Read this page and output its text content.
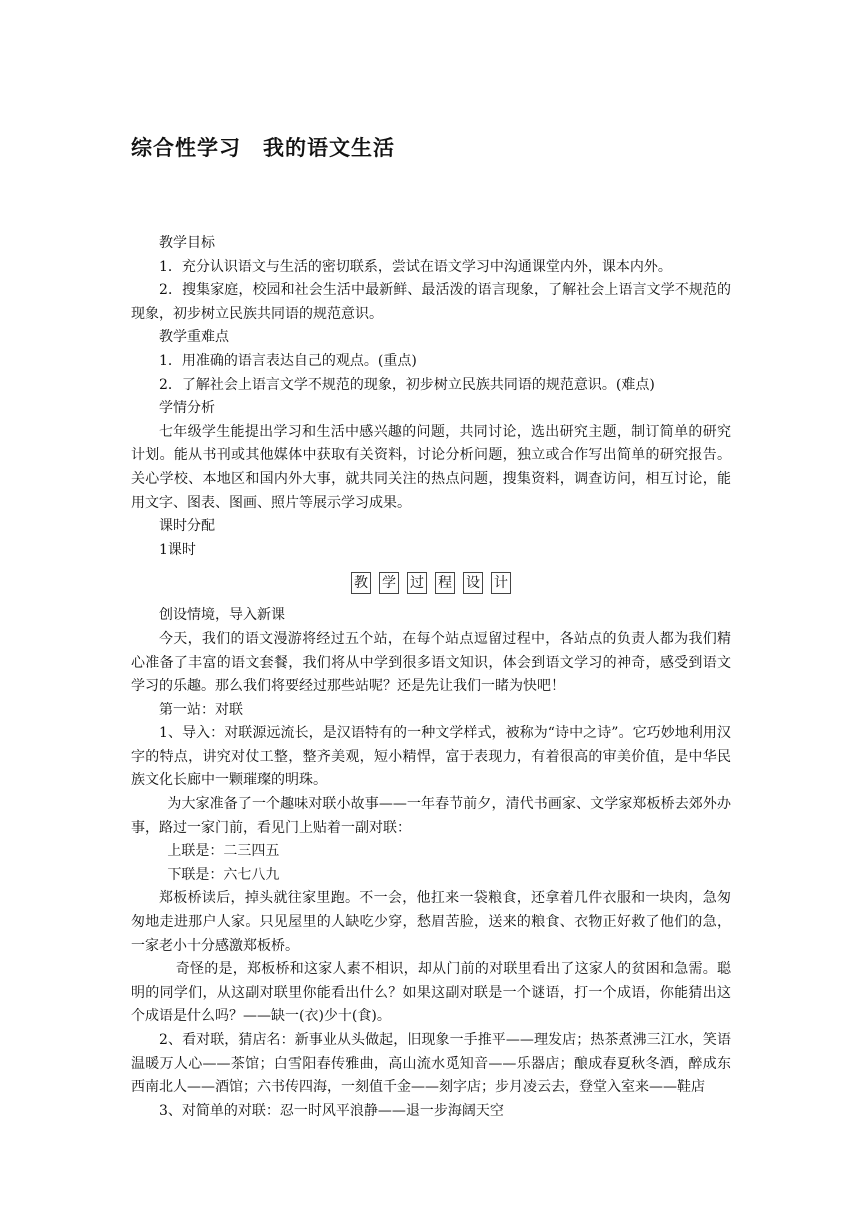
综合性学习　我的语文生活

教学目标

1．充分认识语文与生活的密切联系，尝试在语文学习中沟通课堂内外，课本内外。

2．搜集家庭，校园和社会生活中最新鲜、最活泼的语言现象，了解社会上语言文学不规范的现象，初步树立民族共同语的规范意识。

教学重难点

1．用准确的语言表达自己的观点。(重点)

2．了解社会上语言文学不规范的现象，初步树立民族共同语的规范意识。(难点)

学情分析

七年级学生能提出学习和生活中感兴趣的问题，共同讨论，选出研究主题，制订简单的研究计划。能从书刊或其他媒体中获取有关资料，讨论分析问题，独立或合作写出简单的研究报告。关心学校、本地区和国内外大事，就共同关注的热点问题，搜集资料，调查访问，相互讨论，能用文字、图表、图画、照片等展示学习成果。

课时分配

1课时

教 学 过 程 设 计

创设情境，导入新课

今天，我们的语文漫游将经过五个站，在每个站点逗留过程中，各站点的负责人都为我们精心准备了丰富的语文套餐，我们将从中学到很多语文知识，体会到语文学习的神奇，感受到语文学习的乐趣。那么我们将要经过那些站呢？还是先让我们一睹为快吧！

第一站：对联

1、导入：对联源远流长，是汉语特有的一种文学样式，被称为“诗中之诗”。它巧妙地利用汉字的特点，讲究对仗工整，整齐美观，短小精悍，富于表现力，有着很高的审美价值，是中华民族文化长廊中一颗璀璨的明珠。

为大家准备了一个趣味对联小故事——一年春节前夕，清代书画家、文学家郑板桥去郊外办事，路过一家门前，看见门上贴着一副对联：

上联是：二三四五

下联是：六七八九

郑板桥读后，掉头就往家里跑。不一会，他扛来一袋粮食，还拿着几件衣服和一块肉，急匆匆地走进那户人家。只见屋里的人缺吃少穿，愁眉苦脸，送来的粮食、衣物正好救了他们的急，一家老小十分感激郑板桥。

奇怪的是，郑板桥和这家人素不相识，却从门前的对联里看出了这家人的贫困和急需。聪明的同学们，从这副对联里你能看出什么？如果这副对联是一个谜语，打一个成语，你能猜出这个成语是什么吗？——缺一(衣)少十(食)。

2、看对联，猜店名：新事业从头做起，旧现象一手推平——理发店；热茶煮沸三江水，笑语温暖万人心——茶馆；白雪阳春传雅曲，高山流水觅知音——乐器店；酿成春夏秋冬酒，醉成东西南北人——酒馆；六书传四海，一刻值千金——刻字店；步月凌云去，登堂入室来——鞋店

3、对简单的对联：忍一时风平浪静——退一步海阔天空
